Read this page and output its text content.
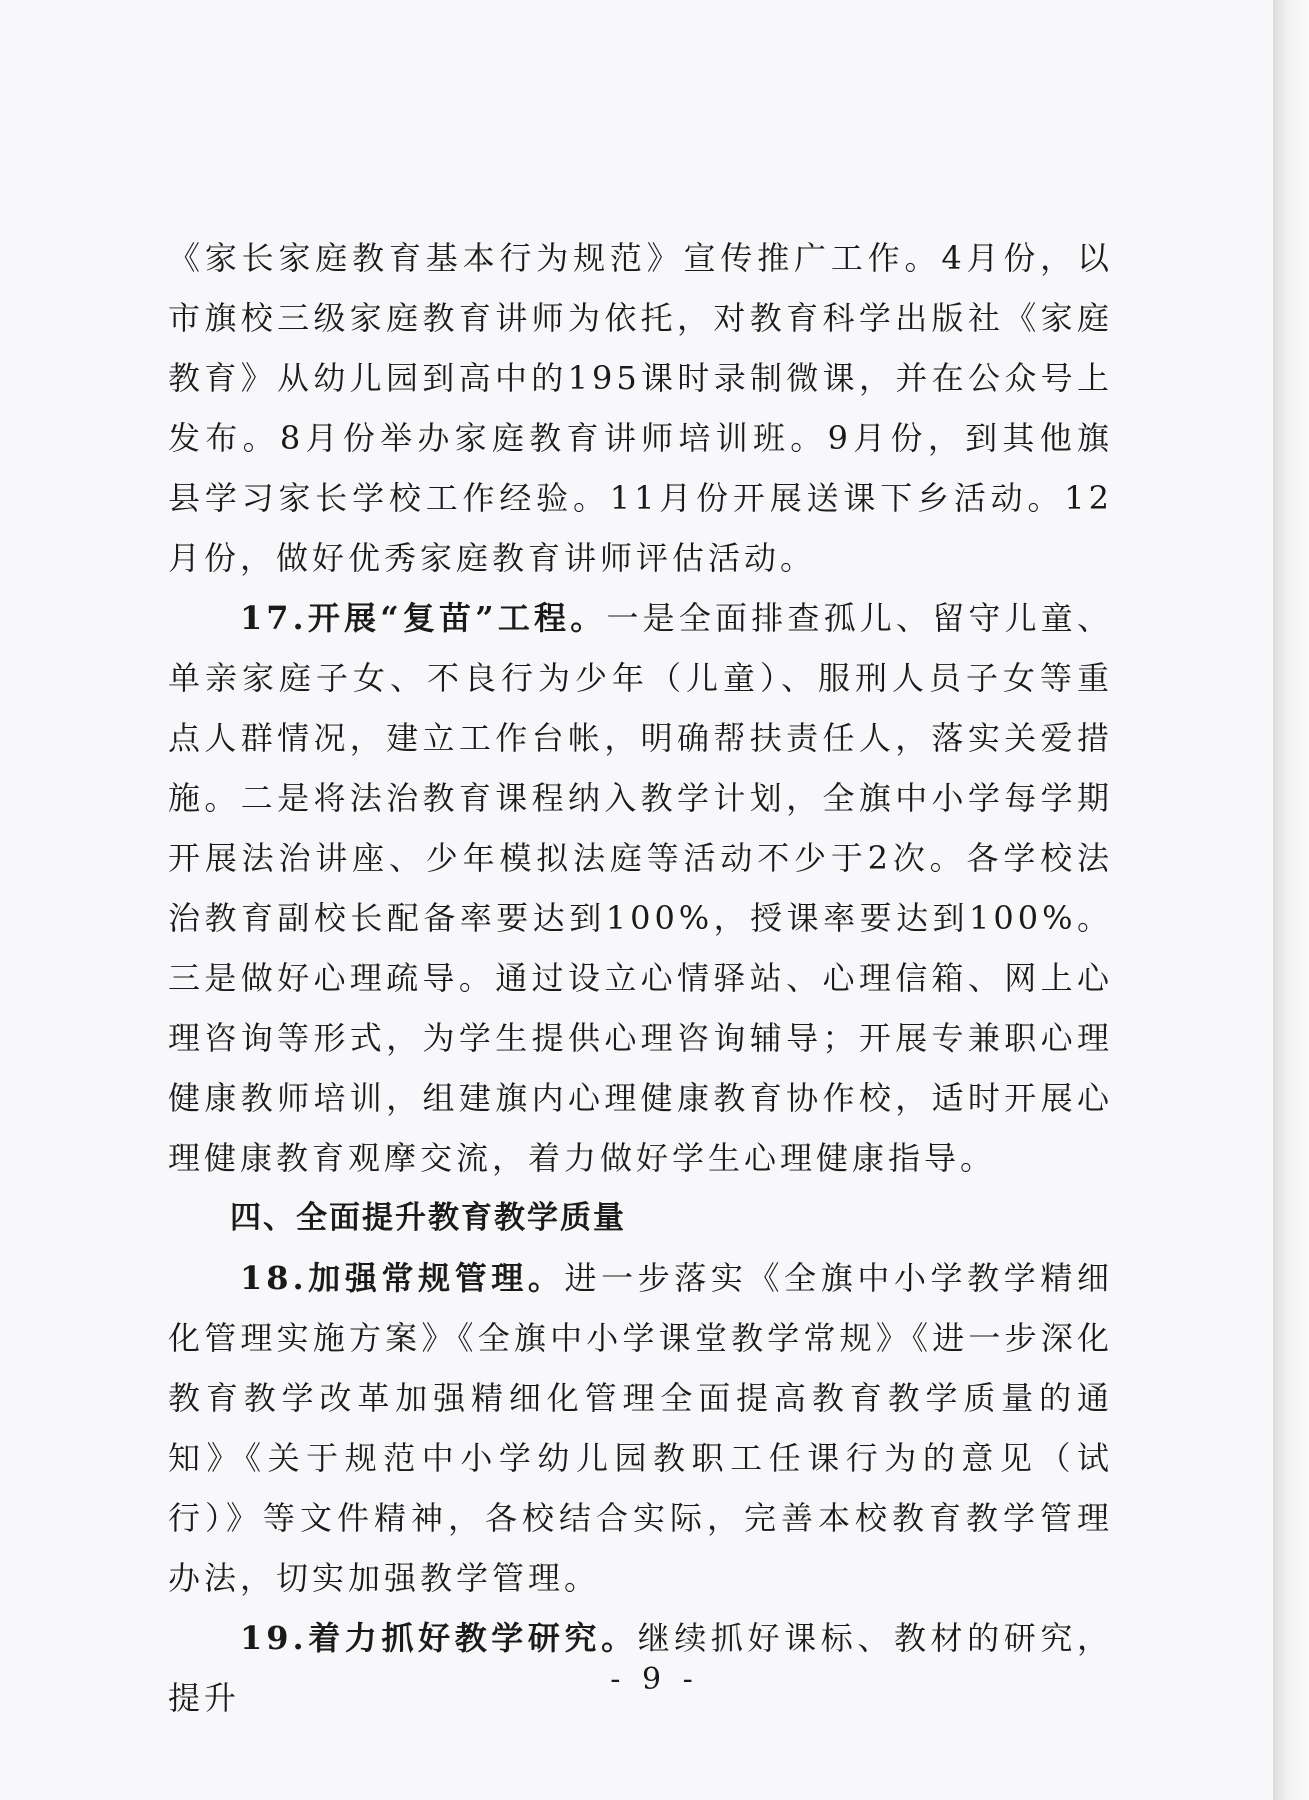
《家长家庭教育基本行为规范》宣传推广工作。4月份，以市旗校三级家庭教育讲师为依托，对教育科学出版社《家庭教育》从幼儿园到高中的195课时录制微课，并在公众号上发布。8月份举办家庭教育讲师培训班。9月份，到其他旗县学习家长学校工作经验。11月份开展送课下乡活动。12月份，做好优秀家庭教育讲师评估活动。

17.开展“复苗”工程。一是全面排查孤儿、留守儿童、单亲家庭子女、不良行为少年（儿童）、服刑人员子女等重点人群情况，建立工作台帐，明确帮扶责任人，落实关爱措施。二是将法治教育课程纳入教学计划，全旗中小学每学期开展法治讲座、少年模拟法庭等活动不少于2次。各学校法治教育副校长配备率要达到100%，授课率要达到100%。三是做好心理疏导。通过设立心情驿站、心理信箱、网上心理咨询等形式，为学生提供心理咨询辅导；开展专兼职心理健康教师培训，组建旗内心理健康教育协作校，适时开展心理健康教育观摩交流，着力做好学生心理健康指导。

四、全面提升教育教学质量

18.加强常规管理。进一步落实《全旗中小学教学精细化管理实施方案》《全旗中小学课堂教学常规》《进一步深化教育教学改革加强精细化管理全面提高教育教学质量的通知》《关于规范中小学幼儿园教职工任课行为的意见（试行）》等文件精神，各校结合实际，完善本校教育教学管理办法，切实加强教学管理。

19.着力抓好教学研究。继续抓好课标、教材的研究，提升	- 9 -
